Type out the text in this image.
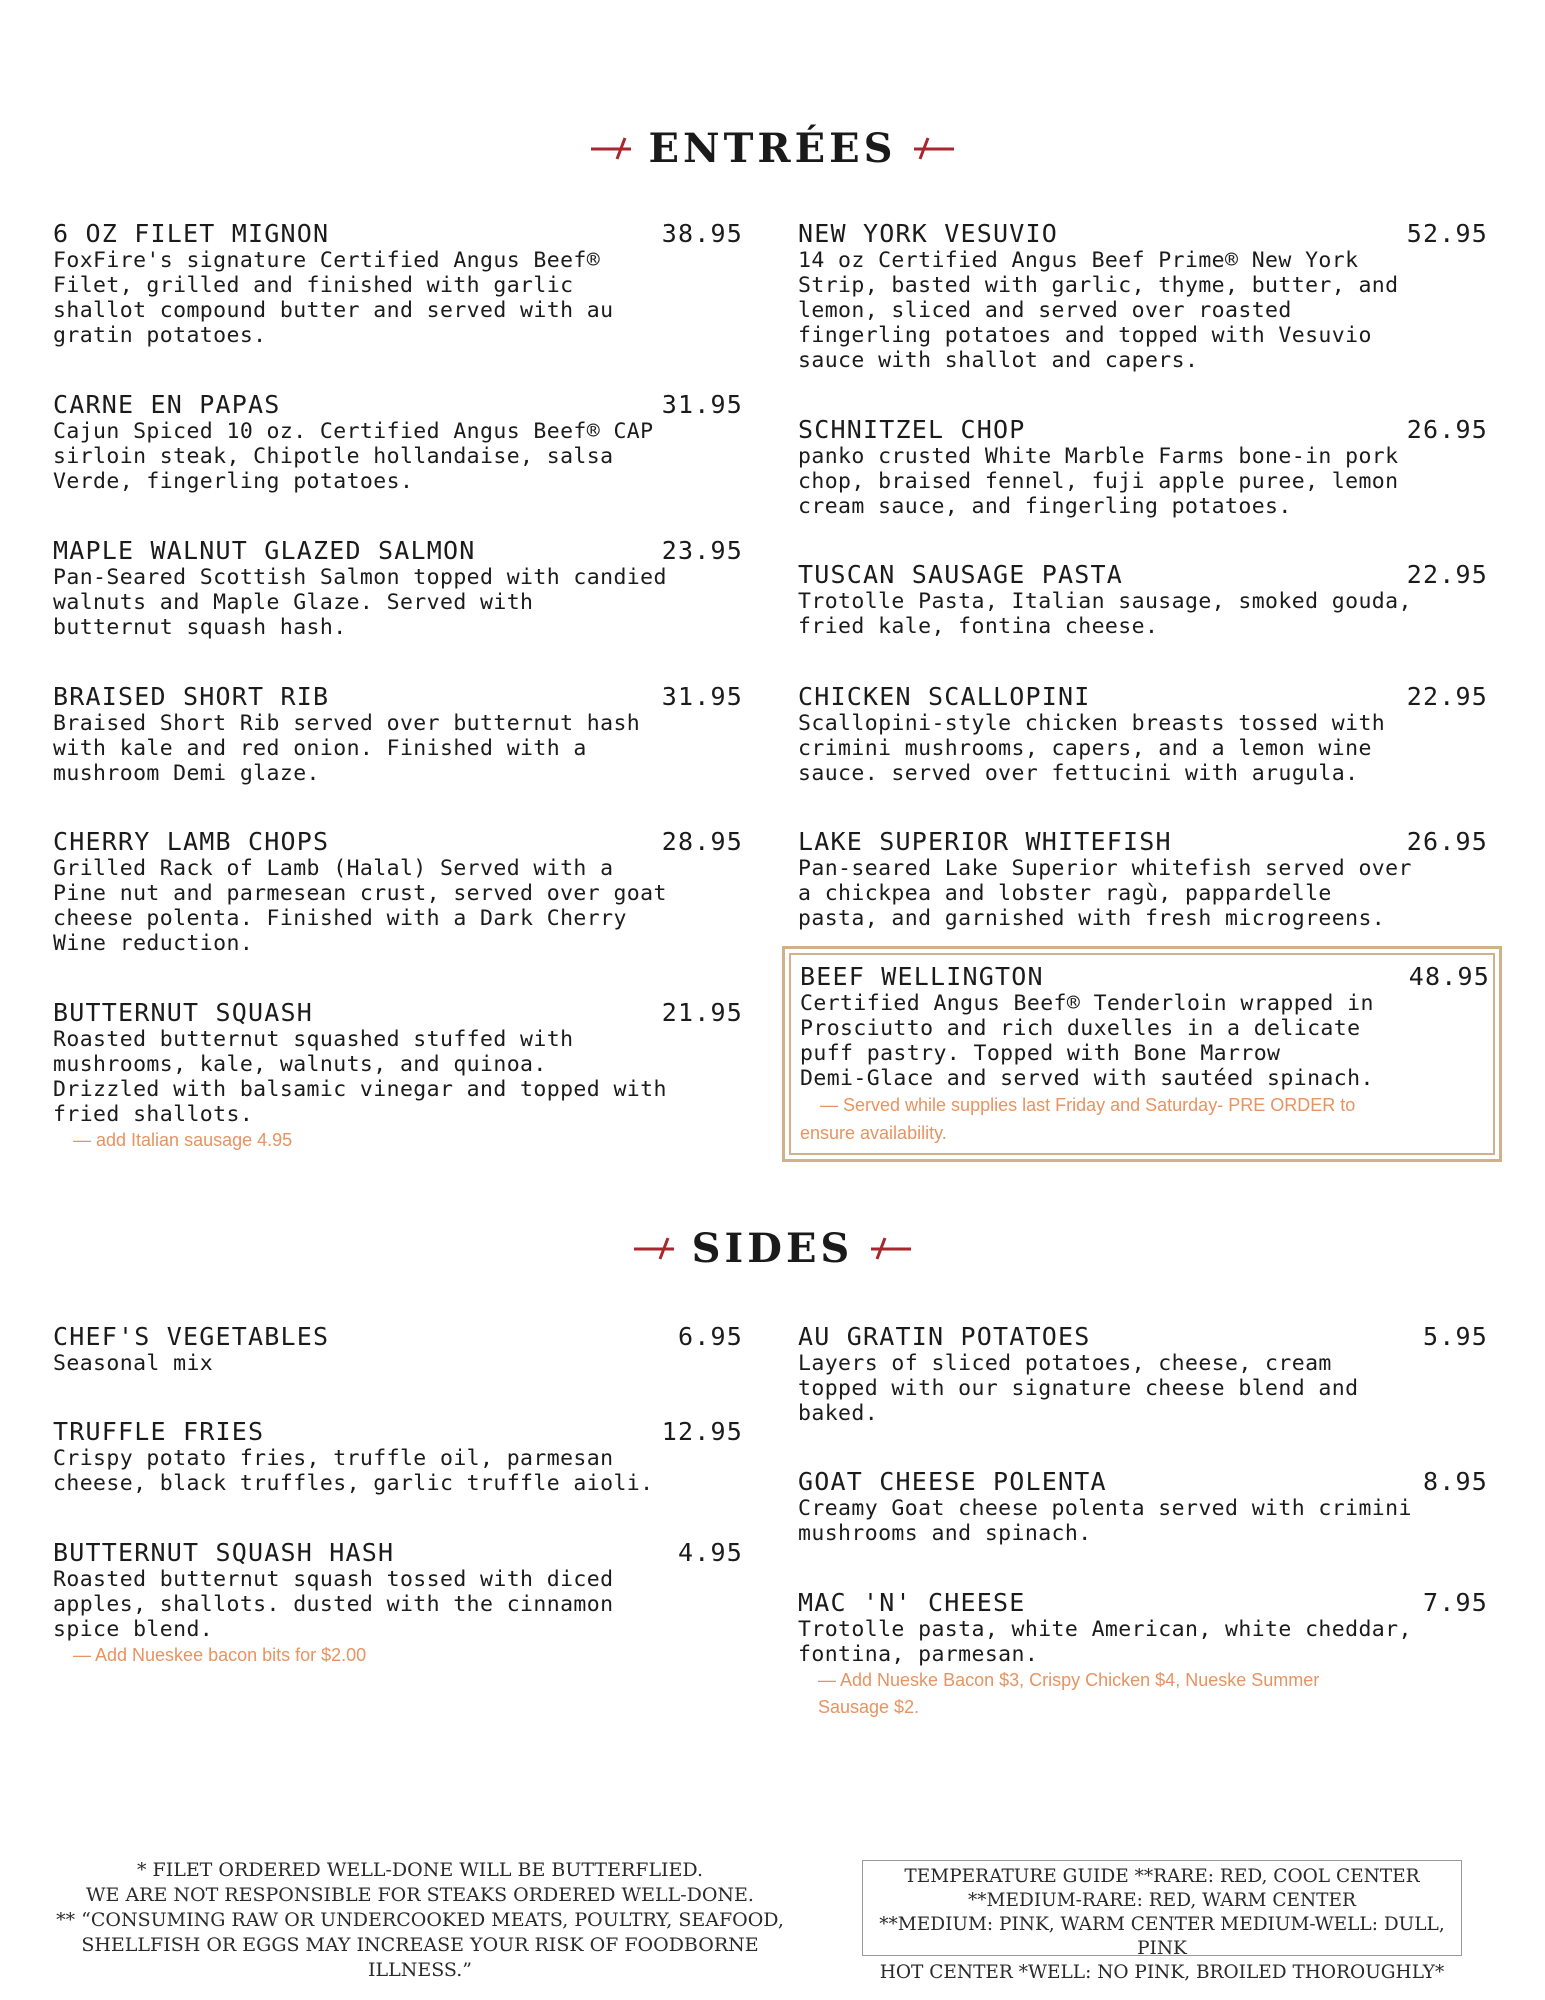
ENTRÉES
6 OZ FILET MIGNON	38.95

FoxFire's signature Certified Angus Beef®
Filet, grilled and finished with garlic
shallot compound butter and served with au
gratin potatoes.

CARNE EN PAPAS	31.95

Cajun Spiced 10 oz. Certified Angus Beef® CAP
sirloin steak, Chipotle hollandaise, salsa
Verde, fingerling potatoes.

MAPLE WALNUT GLAZED SALMON	23.95

Pan-Seared Scottish Salmon topped with candied
walnuts and Maple Glaze. Served with
butternut squash hash.

BRAISED SHORT RIB	31.95

Braised Short Rib served over butternut hash
with kale and red onion. Finished with a
mushroom Demi glaze.

CHERRY LAMB CHOPS	28.95

Grilled Rack of Lamb (Halal) Served with a
Pine nut and parmesean crust, served over goat
cheese polenta. Finished with a Dark Cherry
Wine reduction.

BUTTERNUT SQUASH	21.95

Roasted butternut squashed stuffed with
mushrooms, kale, walnuts, and quinoa.
Drizzled with balsamic vinegar and topped with
fried shallots.

— add Italian sausage 4.95
NEW YORK VESUVIO	52.95

14 oz Certified Angus Beef Prime® New York
Strip, basted with garlic, thyme, butter, and
lemon, sliced and served over roasted
fingerling potatoes and topped with Vesuvio
sauce with shallot and capers.

SCHNITZEL CHOP	26.95

panko crusted White Marble Farms bone-in pork
chop, braised fennel, fuji apple puree, lemon
cream sauce, and fingerling potatoes.

TUSCAN SAUSAGE PASTA	22.95

Trotolle Pasta, Italian sausage, smoked gouda,
fried kale, fontina cheese.

CHICKEN SCALLOPINI	22.95

Scallopini-style chicken breasts tossed with
crimini mushrooms, capers, and a lemon wine
sauce. served over fettucini with arugula.

LAKE SUPERIOR WHITEFISH	26.95

Pan-seared Lake Superior whitefish served over
a chickpea and lobster ragù, pappardelle
pasta, and garnished with fresh microgreens.

BEEF WELLINGTON	48.95

Certified Angus Beef® Tenderloin wrapped in
Prosciutto and rich duxelles in a delicate
puff pastry. Topped with Bone Marrow
Demi-Glace and served with sautéed spinach.

— Served while supplies last Friday and Saturday- PRE ORDER to
ensure availability.
SIDES
CHEF'S VEGETABLES	6.95

Seasonal mix

TRUFFLE FRIES	12.95

Crispy potato fries, truffle oil, parmesan
cheese, black truffles, garlic truffle aioli.

BUTTERNUT SQUASH HASH	4.95

Roasted butternut squash tossed with diced
apples, shallots. dusted with the cinnamon
spice blend.

— Add Nueskee bacon bits for $2.00
AU GRATIN POTATOES	5.95

Layers of sliced potatoes, cheese, cream
topped with our signature cheese blend and
baked.

GOAT CHEESE POLENTA	8.95

Creamy Goat cheese polenta served with crimini
mushrooms and spinach.

MAC 'N' CHEESE	7.95

Trotolle pasta, white American, white cheddar,
fontina, parmesan.

— Add Nueske Bacon $3, Crispy Chicken $4, Nueske Summer
Sausage $2.
* FILET ORDERED WELL-DONE WILL BE BUTTERFLIED.
WE ARE NOT RESPONSIBLE FOR STEAKS ORDERED WELL-DONE.
** “CONSUMING RAW OR UNDERCOOKED MEATS, POULTRY, SEAFOOD,
SHELLFISH OR EGGS MAY INCREASE YOUR RISK OF FOODBORNE ILLNESS.”
TEMPERATURE GUIDE **RARE: RED, COOL CENTER
**MEDIUM-RARE: RED, WARM CENTER
**MEDIUM: PINK, WARM CENTER MEDIUM-WELL: DULL, PINK
HOT CENTER *WELL: NO PINK, BROILED THOROUGHLY*
